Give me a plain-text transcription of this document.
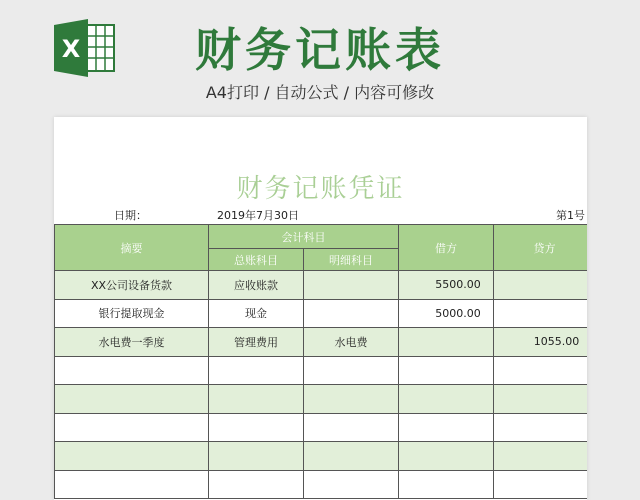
X	财务记账表
A4打印 / 自动公式 / 内容可修改
财务记账凭证
日期：	2019年7月30日	第1号
摘要	会计科目		借方	贷方
	总账科目	明细科目		
XX公司设备货款	应收账款		5500.00	
银行提取现金	现金		5000.00	
水电费一季度	管理费用	水电费		1055.00
